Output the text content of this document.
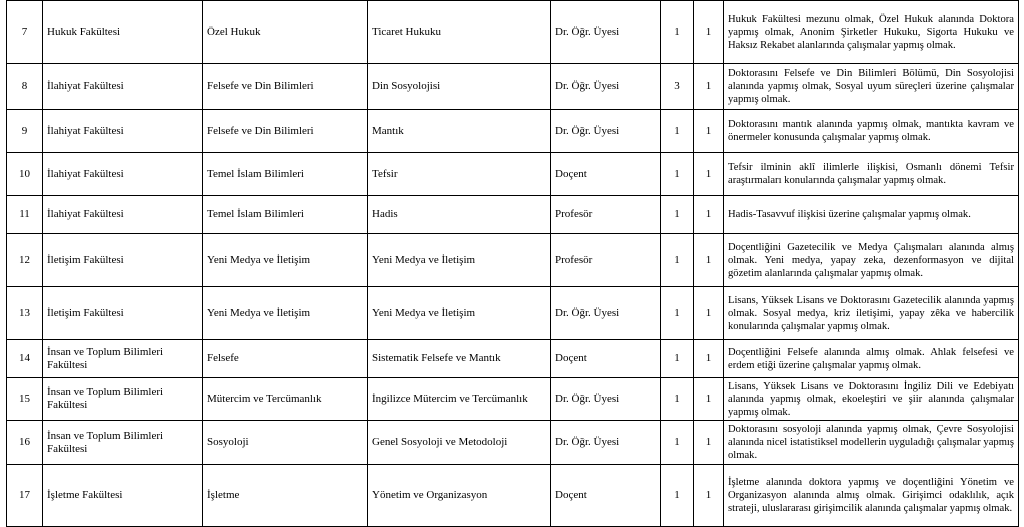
7	Hukuk Fakültesi	Özel Hukuk	Ticaret Hukuku	Dr. Öğr. Üyesi	1	1	Hukuk Fakültesi mezunu olmak, Özel Hukuk alanında Doktora yapmış olmak, Anonim Şirketler Hukuku, Sigorta Hukuku ve Haksız Rekabet alanlarında çalışmalar yapmış olmak.
8	İlahiyat Fakültesi	Felsefe ve Din Bilimleri	Din Sosyolojisi	Dr. Öğr. Üyesi	3	1	Doktorasını Felsefe ve Din Bilimleri Bölümü, Din Sosyolojisi alanında yapmış olmak, Sosyal uyum süreçleri üzerine çalışmalar yapmış olmak.
9	İlahiyat Fakültesi	Felsefe ve Din Bilimleri	Mantık	Dr. Öğr. Üyesi	1	1	Doktorasını mantık alanında yapmış olmak, mantıkta kavram ve önermeler konusunda çalışmalar yapmış olmak.
10	İlahiyat Fakültesi	Temel İslam Bilimleri	Tefsir	Doçent	1	1	Tefsir ilminin aklî ilimlerle ilişkisi, Osmanlı dönemi Tefsir araştırmaları konularında çalışmalar yapmış olmak.
11	İlahiyat Fakültesi	Temel İslam Bilimleri	Hadis	Profesör	1	1	Hadis-Tasavvuf ilişkisi üzerine çalışmalar yapmış olmak.
12	İletişim Fakültesi	Yeni Medya ve İletişim	Yeni Medya ve İletişim	Profesör	1	1	Doçentliğini Gazetecilik ve Medya Çalışmaları alanında almış olmak. Yeni medya, yapay zeka, dezenformasyon ve dijital gözetim alanlarında çalışmalar yapmış olmak.
13	İletişim Fakültesi	Yeni Medya ve İletişim	Yeni Medya ve İletişim	Dr. Öğr. Üyesi	1	1	Lisans, Yüksek Lisans ve Doktorasını Gazetecilik alanında yapmış olmak. Sosyal medya, kriz iletişimi, yapay zêka ve habercilik konularında çalışmalar yapmış olmak.
14	İnsan ve Toplum Bilimleri Fakültesi	Felsefe	Sistematik Felsefe ve Mantık	Doçent	1	1	Doçentliğini Felsefe alanında almış olmak. Ahlak felsefesi ve erdem etiği üzerine çalışmalar yapmış olmak.
15	İnsan ve Toplum Bilimleri Fakültesi	Mütercim ve Tercümanlık	İngilizce Mütercim ve Tercümanlık	Dr. Öğr. Üyesi	1	1	Lisans, Yüksek Lisans ve Doktorasını İngiliz Dili ve Edebiyatı alanında yapmış olmak, ekoeleştiri ve şiir alanında çalışmalar yapmış olmak.
16	İnsan ve Toplum Bilimleri Fakültesi	Sosyoloji	Genel Sosyoloji ve Metodoloji	Dr. Öğr. Üyesi	1	1	Doktorasını sosyoloji alanında yapmış olmak, Çevre Sosyolojisi alanında nicel istatistiksel modellerin uyguladığı çalışmalar yapmış olmak.
17	İşletme Fakültesi	İşletme	Yönetim ve Organizasyon	Doçent	1	1	İşletme alanında doktora yapmış ve doçentliğini Yönetim ve Organizasyon alanında almış olmak. Girişimci odaklılık, açık strateji, uluslararası girişimcilik alanında çalışmalar yapmış olmak.
